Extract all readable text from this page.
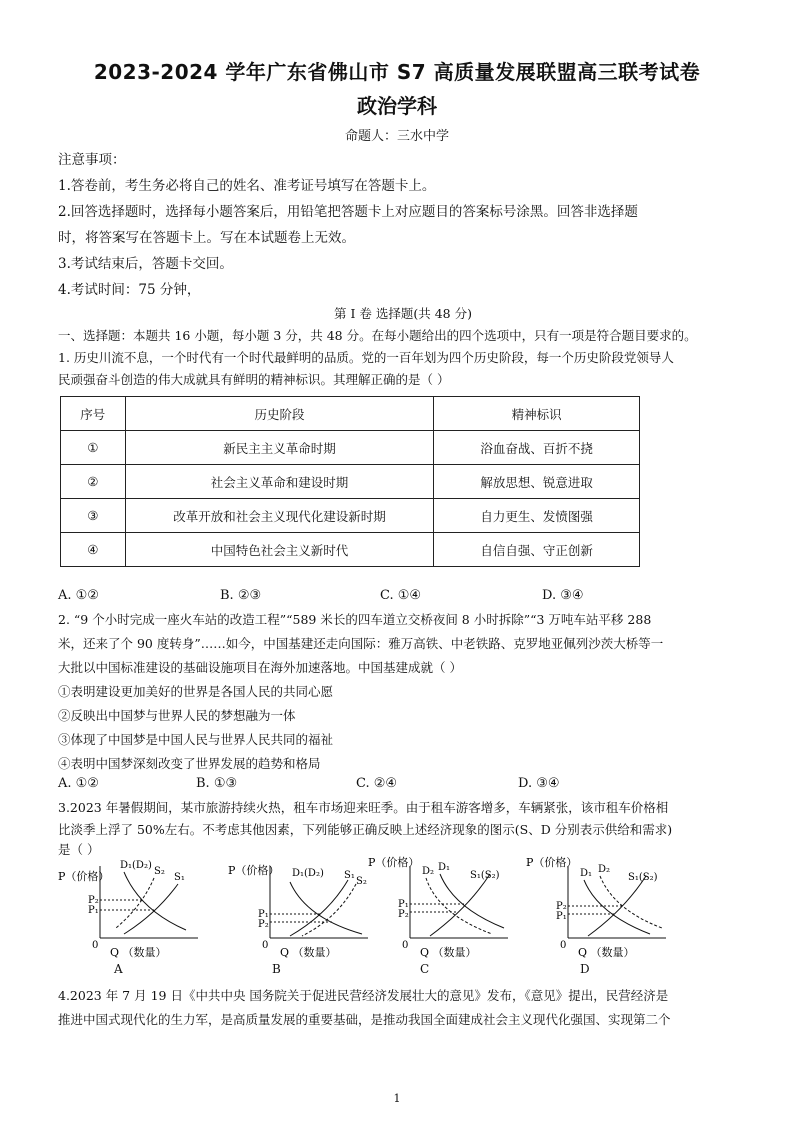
2023-2024 学年广东省佛山市 S7 高质量发展联盟高三联考试卷
政治学科
命题人：三水中学
注意事项：
1.答卷前，考生务必将自己的姓名、准考证号填写在答题卡上。
2.回答选择题时，选择每小题答案后，用铅笔把答题卡上对应题目的答案标号涂黑。回答非选择题
时，将答案写在答题卡上。写在本试题卷上无效。
3.考试结束后，答题卡交回。
4.考试时间：75 分钟，
第 I 卷 选择题(共 48 分)
一、选择题：本题共 16 小题，每小题 3 分，共 48 分。在每小题给出的四个选项中，只有一项是符合题目要求的。
1. 历史川流不息，一个时代有一个时代最鲜明的品质。党的一百年划为四个历史阶段，每一个历史阶段党领导人
民顽强奋斗创造的伟大成就具有鲜明的精神标识。其理解正确的是（ ）
序号	历史阶段	精神标识
①	新民主主义革命时期	浴血奋战、百折不挠
②	社会主义革命和建设时期	解放思想、锐意进取
③	改革开放和社会主义现代化建设新时期	自力更生、发愤图强
④	中国特色社会主义新时代	自信自强、守正创新
A. ①②	B. ②③	C. ①④	D. ③④
2. “9 个小时完成一座火车站的改造工程”“589 米长的四车道立交桥夜间 8 小时拆除”“3 万吨车站平移 288
米，还来了个 90 度转身”……如今，中国基建还走向国际：雅万高铁、中老铁路、克罗地亚佩列沙茨大桥等一
大批以中国标准建设的基础设施项目在海外加速落地。中国基建成就（ ）
①表明建设更加美好的世界是各国人民的共同心愿
②反映出中国梦与世界人民的梦想融为一体
③体现了中国梦是中国人民与世界人民共同的福祉
④表明中国梦深刻改变了世界发展的趋势和格局
A. ①②	B. ①③	C. ②④	D. ③④
3.2023 年暑假期间，某市旅游持续火热，租车市场迎来旺季。由于租车游客增多，车辆紧张，该市租车价格相
比淡季上浮了 50%左右。不考虑其他因素，下列能够正确反映上述经济现象的图示(S、D 分别表示供给和需求)
是（ ）
P（价格）
0
Q （数量）
D₁(D₂)
S₂
S₁
P₂
P₁
A
P（价格）
0
Q （数量）
D₁(D₂) S₁
S₂
P₁
P₂
B
P（价格）
0
Q （数量）
D₂ D₁
S₁(S₂)
P₁
P₂
C
P（价格）
0
Q （数量）
D₁ D₂
S₁(S₂)
P₂
P₁
D
4.2023 年 7 月 19 日《中共中央 国务院关于促进民营经济发展壮大的意见》发布，《意见》提出，民营经济是
推进中国式现代化的生力军，是高质量发展的重要基础，是推动我国全面建成社会主义现代化强国、实现第二个
1
